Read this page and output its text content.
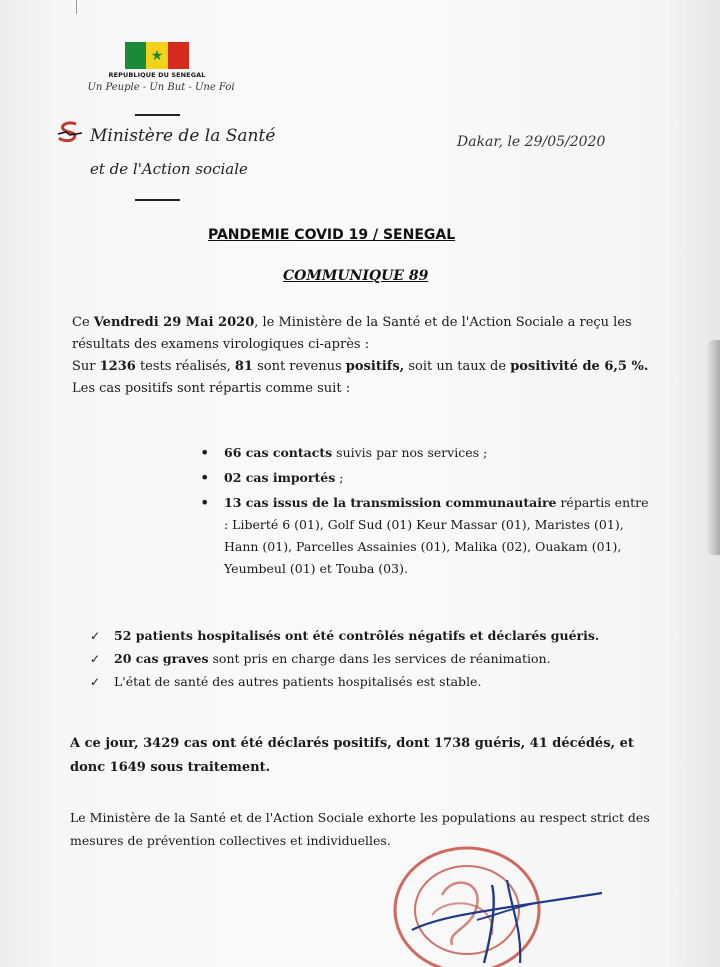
★
REPUBLIQUE DU SENEGAL
Un Peuple - Un But - Une Foi
Ministère de la Santé
et de l'Action sociale
Dakar, le 29/05/2020
PANDEMIE COVID 19 / SENEGAL
COMMUNIQUE 89
Ce Vendredi 29 Mai 2020, le Ministère de la Santé et de l'Action Sociale a reçu les résultats des examens virologiques ci-après :
Sur 1236 tests réalisés, 81 sont revenus positifs, soit un taux de positivité de 6,5 %. Les cas positifs sont répartis comme suit :
• 66 cas contacts suivis par nos services ;
• 02 cas importés ;
• 13 cas issus de la transmission communautaire répartis entre : Liberté 6 (01), Golf Sud (01) Keur Massar (01), Maristes (01), Hann (01), Parcelles Assainies (01), Malika (02), Ouakam (01), Yeumbeul (01) et Touba (03).
✓ 52 patients hospitalisés ont été contrôlés négatifs et déclarés guéris.
✓ 20 cas graves sont pris en charge dans les services de réanimation.
✓ L'état de santé des autres patients hospitalisés est stable.
A ce jour, 3429 cas ont été déclarés positifs, dont 1738 guéris, 41 décédés, et donc 1649 sous traitement.
Le Ministère de la Santé et de l'Action Sociale exhorte les populations au respect strict des mesures de prévention collectives et individuelles.
